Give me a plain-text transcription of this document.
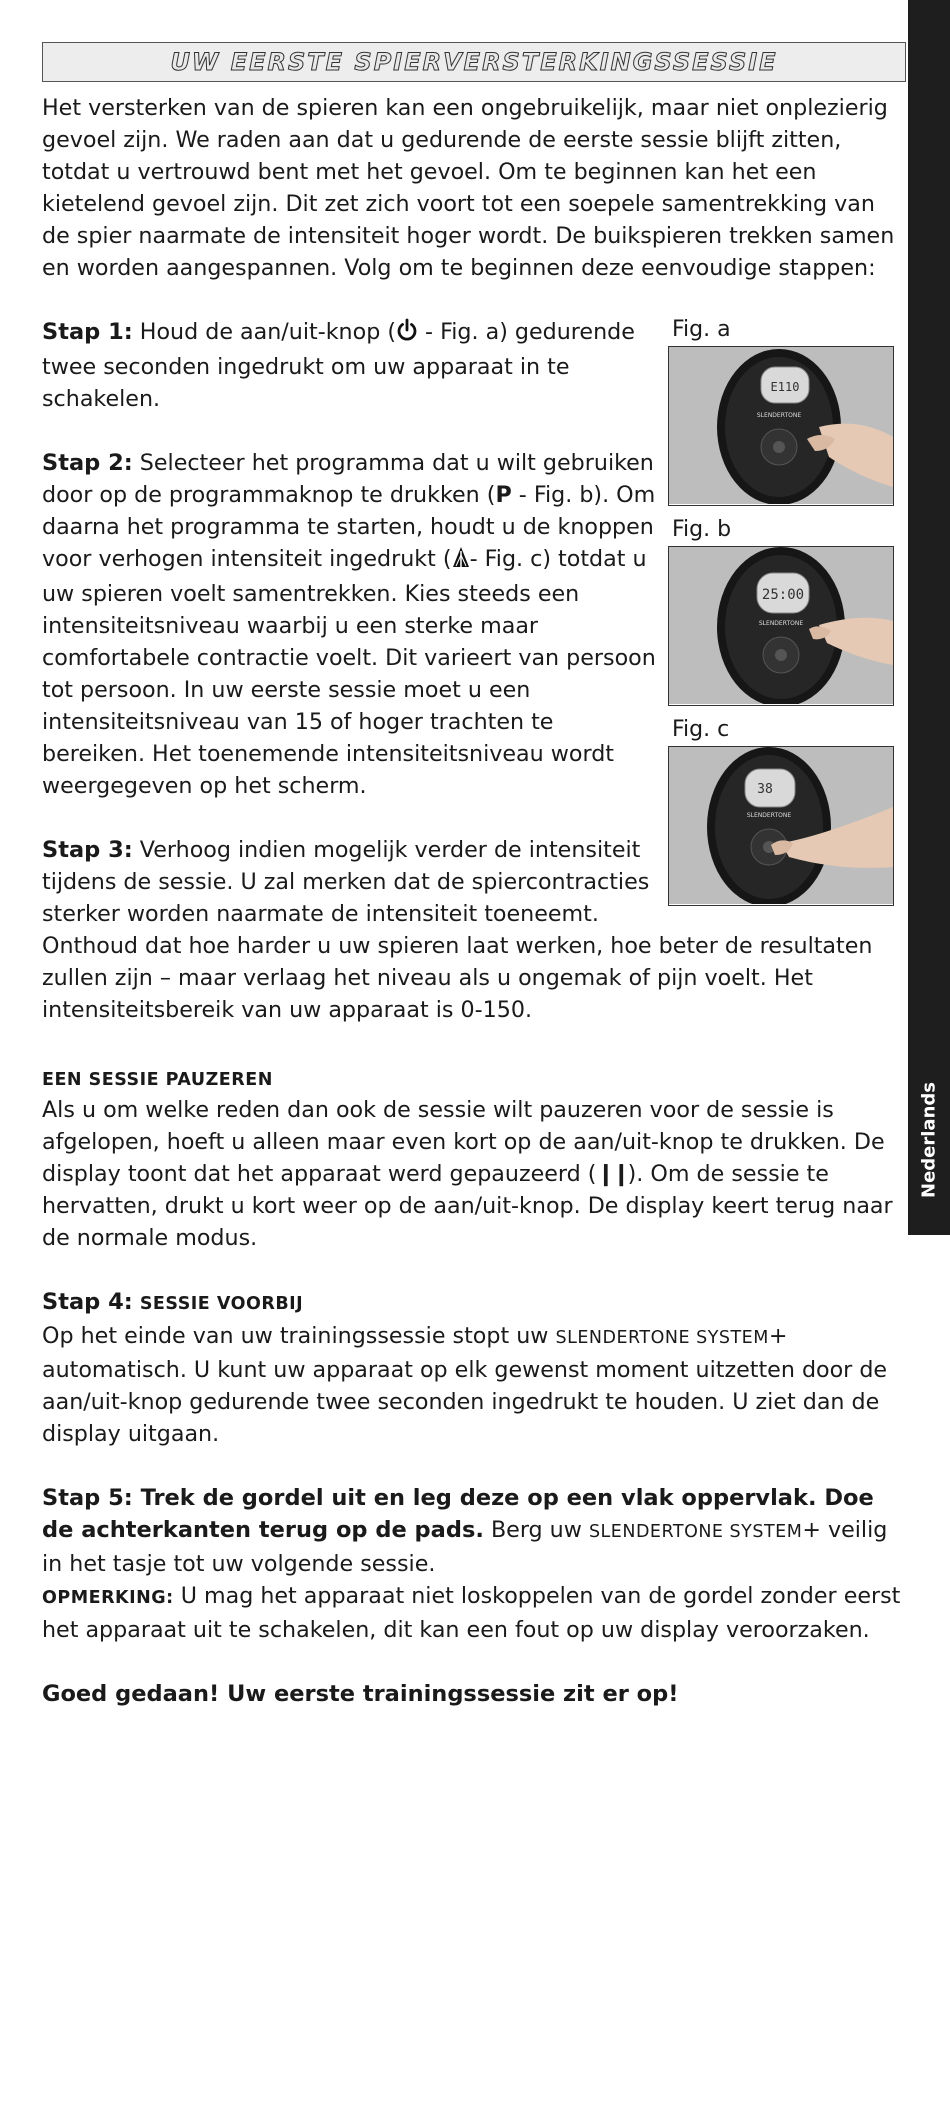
Nederlands
UW EERSTE SPIERVERSTERKINGSSESSIE

Het versterken van de spieren kan een ongebruikelijk, maar niet onplezierig gevoel zijn. We raden aan dat u gedurende de eerste sessie blijft zitten, totdat u vertrouwd bent met het gevoel. Om te beginnen kan het een kietelend gevoel zijn. Dit zet zich voort tot een soepele samentrekking van de spier naarmate de intensiteit hoger wordt. De buikspieren trekken samen en worden aangespannen. Volg om te beginnen deze eenvoudige stappen:

Stap 1: Houd de aan/uit-knop ( - Fig. a) gedurende twee seconden ingedrukt om uw apparaat in te schakelen.

Stap 2: Selecteer het programma dat u wilt gebruiken door op de programmaknop te drukken (P - Fig. b). Om daarna het programma te starten, houdt u de knoppen voor verhogen intensiteit ingedrukt ( - Fig. c) totdat u uw spieren voelt samentrekken. Kies steeds een intensiteitsniveau waarbij u een sterke maar comfortabele contractie voelt. Dit varieert van persoon tot persoon. In uw eerste sessie moet u een intensiteitsniveau van 15 of hoger trachten te bereiken. Het toenemende intensiteitsniveau wordt weergegeven op het scherm.

Stap 3: Verhoog indien mogelijk verder de intensiteit tijdens de sessie. U zal merken dat de spiercontracties sterker worden naarmate de intensiteit toeneemt.

Fig. a
E110
SLENDERTONE
Fig. b
25:00
SLENDERTONE
Fig. c
38
SLENDERTONE

Onthoud dat hoe harder u uw spieren laat werken, hoe beter de resultaten zullen zijn – maar verlaag het niveau als u ongemak of pijn voelt. Het intensiteitsbereik van uw apparaat is 0-150.

EEN SESSIE PAUZEREN

Als u om welke reden dan ook de sessie wilt pauzeren voor de sessie is afgelopen, hoeft u alleen maar even kort op de aan/uit-knop te drukken. De display toont dat het apparaat werd gepauzeerd (❙❙). Om de sessie te hervatten, drukt u kort weer op de aan/uit-knop. De display keert terug naar de normale modus.

Stap 4: SESSIE VOORBIJ
Op het einde van uw trainingssessie stopt uw SLENDERTONE SYSTEM+ automatisch. U kunt uw apparaat op elk gewenst moment uitzetten door de aan/uit-knop gedurende twee seconden ingedrukt te houden. U ziet dan de display uitgaan.

Stap 5: Trek de gordel uit en leg deze op een vlak oppervlak. Doe de achterkanten terug op de pads. Berg uw SLENDERTONE SYSTEM+ veilig in het tasje tot uw volgende sessie.
OPMERKING: U mag het apparaat niet loskoppelen van de gordel zonder eerst het apparaat uit te schakelen, dit kan een fout op uw display veroorzaken.

Goed gedaan! Uw eerste trainingssessie zit er op!
